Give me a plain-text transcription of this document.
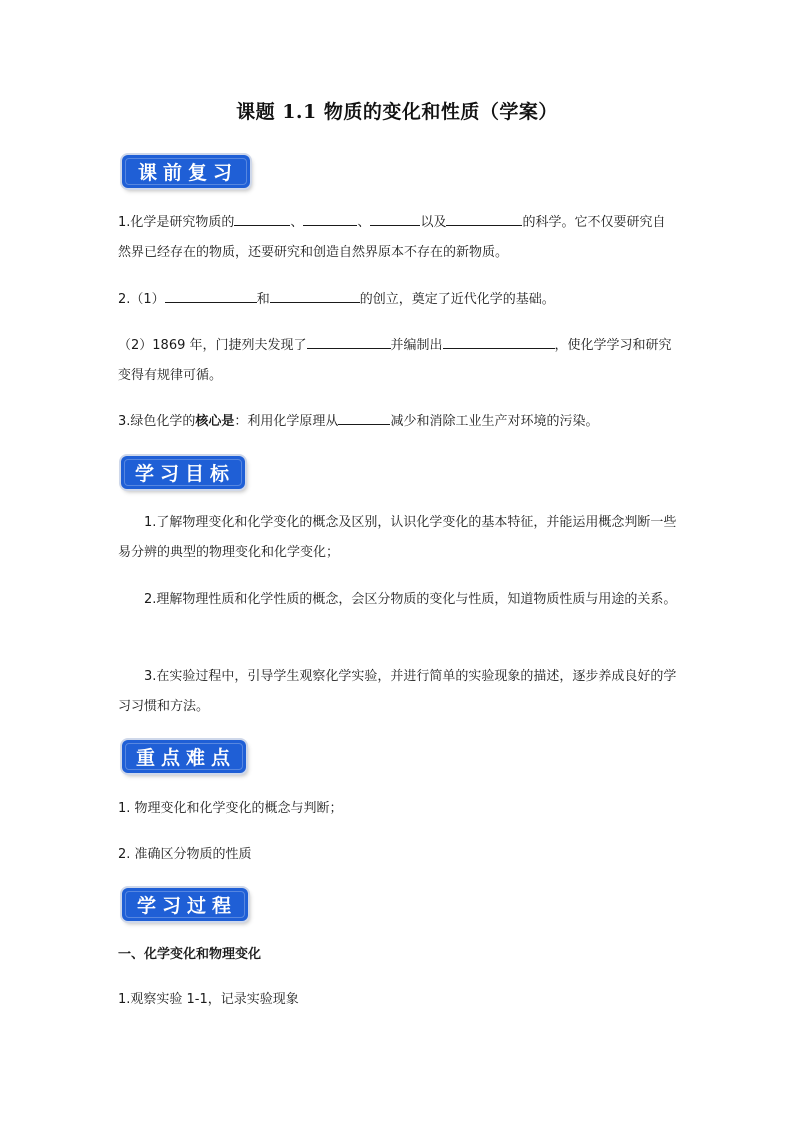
课题 1.1 物质的变化和性质（学案）
课前复习
1.化学是研究物质的	、	、	以及	的科学。它不仅要研究自然界已经存在的物质，还要研究和创造自然界原本不存在的新物质。
2.（1）	和	的创立，奠定了近代化学的基础。
（2）1869 年，门捷列夫发现了	并编制出	，使化学学习和研究变得有规律可循。
3.绿色化学的核心是：利用化学原理从	减少和消除工业生产对环境的污染。
学习目标
1.了解物理变化和化学变化的概念及区别，认识化学变化的基本特征，并能运用概念判断一些易分辨的典型的物理变化和化学变化；
2.理解物理性质和化学性质的概念，会区分物质的变化与性质，知道物质性质与用途的关系。
3.在实验过程中，引导学生观察化学实验，并进行简单的实验现象的描述，逐步养成良好的学习习惯和方法。
重点难点
1. 物理变化和化学变化的概念与判断；
2. 准确区分物质的性质
学习过程
一、化学变化和物理变化
1.观察实验 1-1，记录实验现象
